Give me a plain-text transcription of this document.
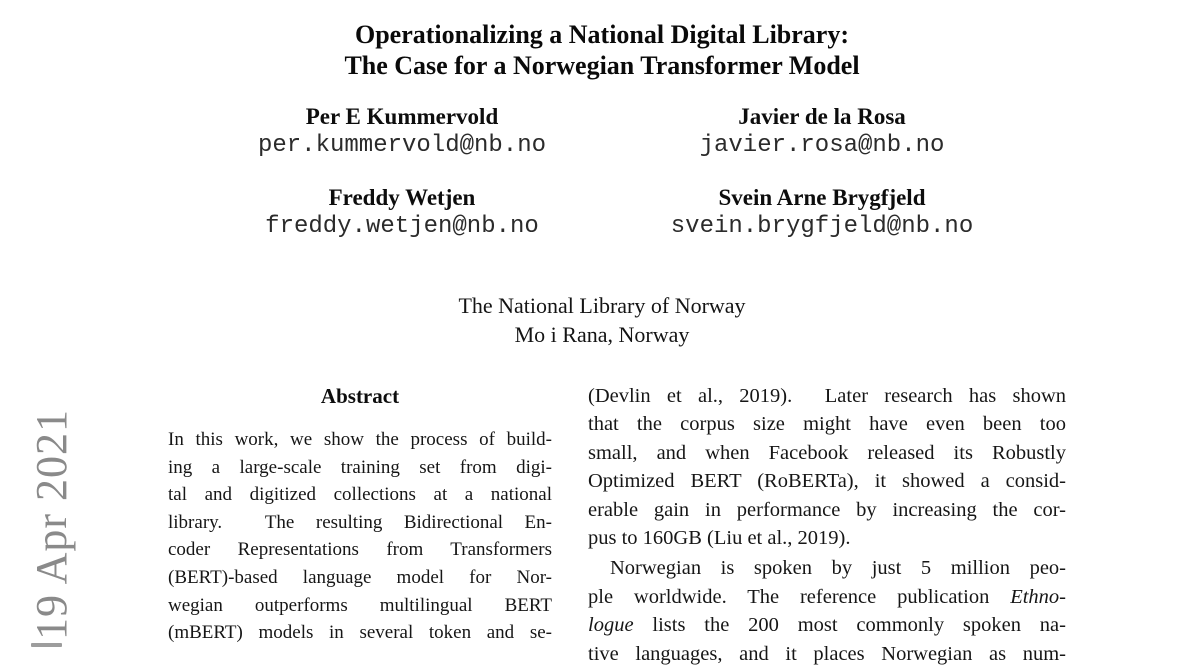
19 Apr 2021
Operationalizing a National Digital Library:
The Case for a Norwegian Transformer Model
Per E Kummervold
per.kummervold@nb.no
Javier de la Rosa
javier.rosa@nb.no
Freddy Wetjen
freddy.wetjen@nb.no
Svein Arne Brygfjeld
svein.brygfjeld@nb.no
The National Library of Norway
Mo i Rana, Norway
Abstract
In this work, we show the process of build-
ing a large-scale training set from digi-
tal and digitized collections at a national
library.  The resulting Bidirectional En-
coder Representations from Transformers
(BERT)-based language model for Nor-
wegian outperforms multilingual BERT
(mBERT) models in several token and se-
(Devlin et al., 2019).  Later research has shown
that the corpus size might have even been too
small, and when Facebook released its Robustly
Optimized BERT (RoBERTa), it showed a consid-
erable gain in performance by increasing the cor-
pus to 160GB (Liu et al., 2019).
Norwegian is spoken by just 5 million peo-
ple worldwide. The reference publication Ethno-
logue lists the 200 most commonly spoken na-
tive languages, and it places Norwegian as num-
